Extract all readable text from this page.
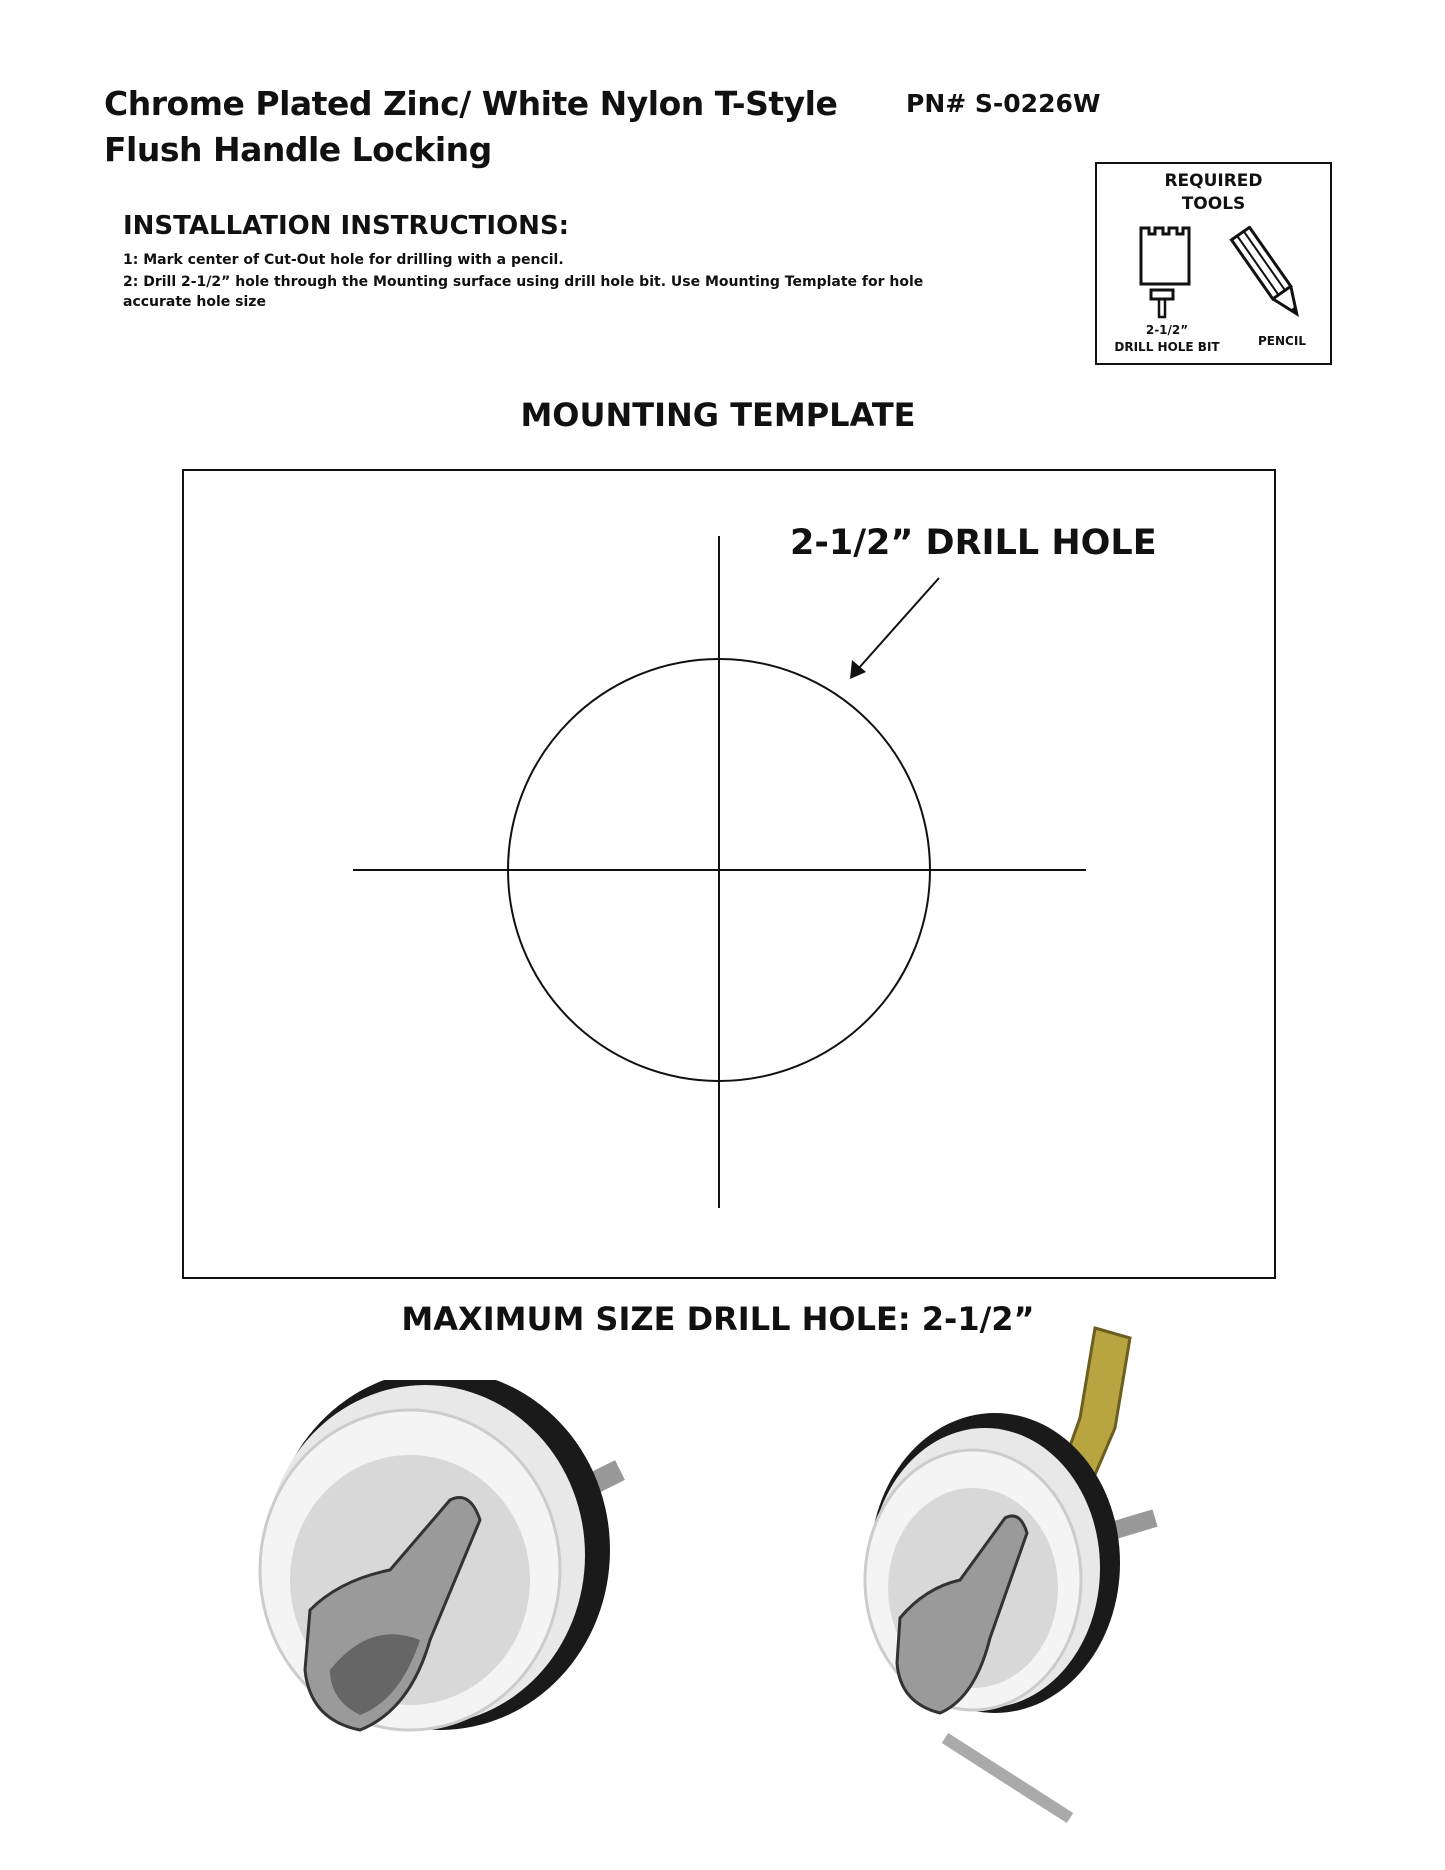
Chrome Plated Zinc/ White Nylon T-Style	PN# S-0226W
Flush Handle Locking
INSTALLATION INSTRUCTIONS:
1: Mark center of Cut-Out hole for drilling with a pencil.
2: Drill 2-1/2” hole through the Mounting surface using drill hole bit. Use Mounting Template for hole accurate hole size
REQUIRED
TOOLS
2-1/2”
DRILL HOLE BIT	PENCIL
MOUNTING TEMPLATE
2-1/2” DRILL HOLE
MAXIMUM SIZE DRILL HOLE: 2-1/2”
